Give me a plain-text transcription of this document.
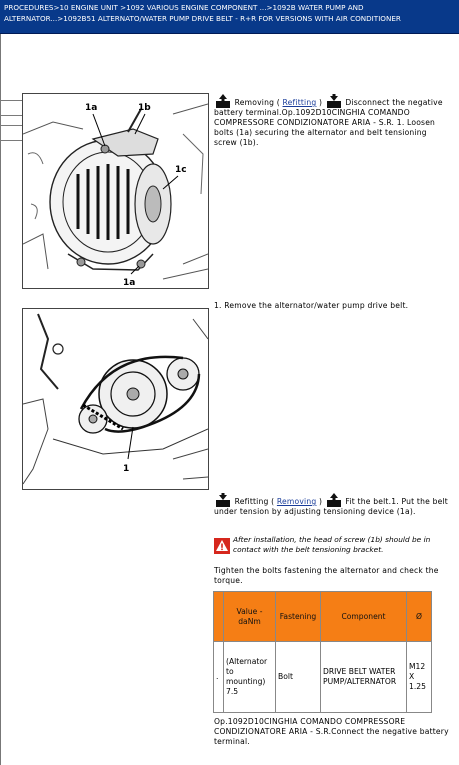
PROCEDURES>10 ENGINE UNIT >1092 VARIOUS ENGINE COMPONENT ...>1092B WATER PUMP AND ALTERNATOR...>1092B51 ALTERNATO/WATER PUMP DRIVE BELT - R+R FOR VERSIONS WITH AIR CONDITIONER
1a	1b
1c
1a
Removing ( Refitting )	Disconnect the negative battery terminal.Op.1092D10CINGHIA COMANDO COMPRESSORE CONDIZIONATORE ARIA - S.R. 1. Loosen bolts (1a) securing the alternator and belt tensioning screw (1b).
1
1. Remove the alternator/water pump drive belt.
Refitting ( Removing )	Fit the belt.1. Put the belt under tension by adjusting tensioning device (1a).
After installation, the head of screw (1b) should be in contact with the belt tensioning bracket.
Tighten the bolts fastening the alternator and check the torque.
	Value - daNm	Fastening	Component	Ø
.	(Alternator to mounting) 7.5	Bolt	DRIVE BELT WATER PUMP/ALTERNATOR	M12 X 1.25
Op.1092D10CINGHIA COMANDO COMPRESSORE CONDIZIONATORE ARIA - S.R.Connect the negative battery terminal.
